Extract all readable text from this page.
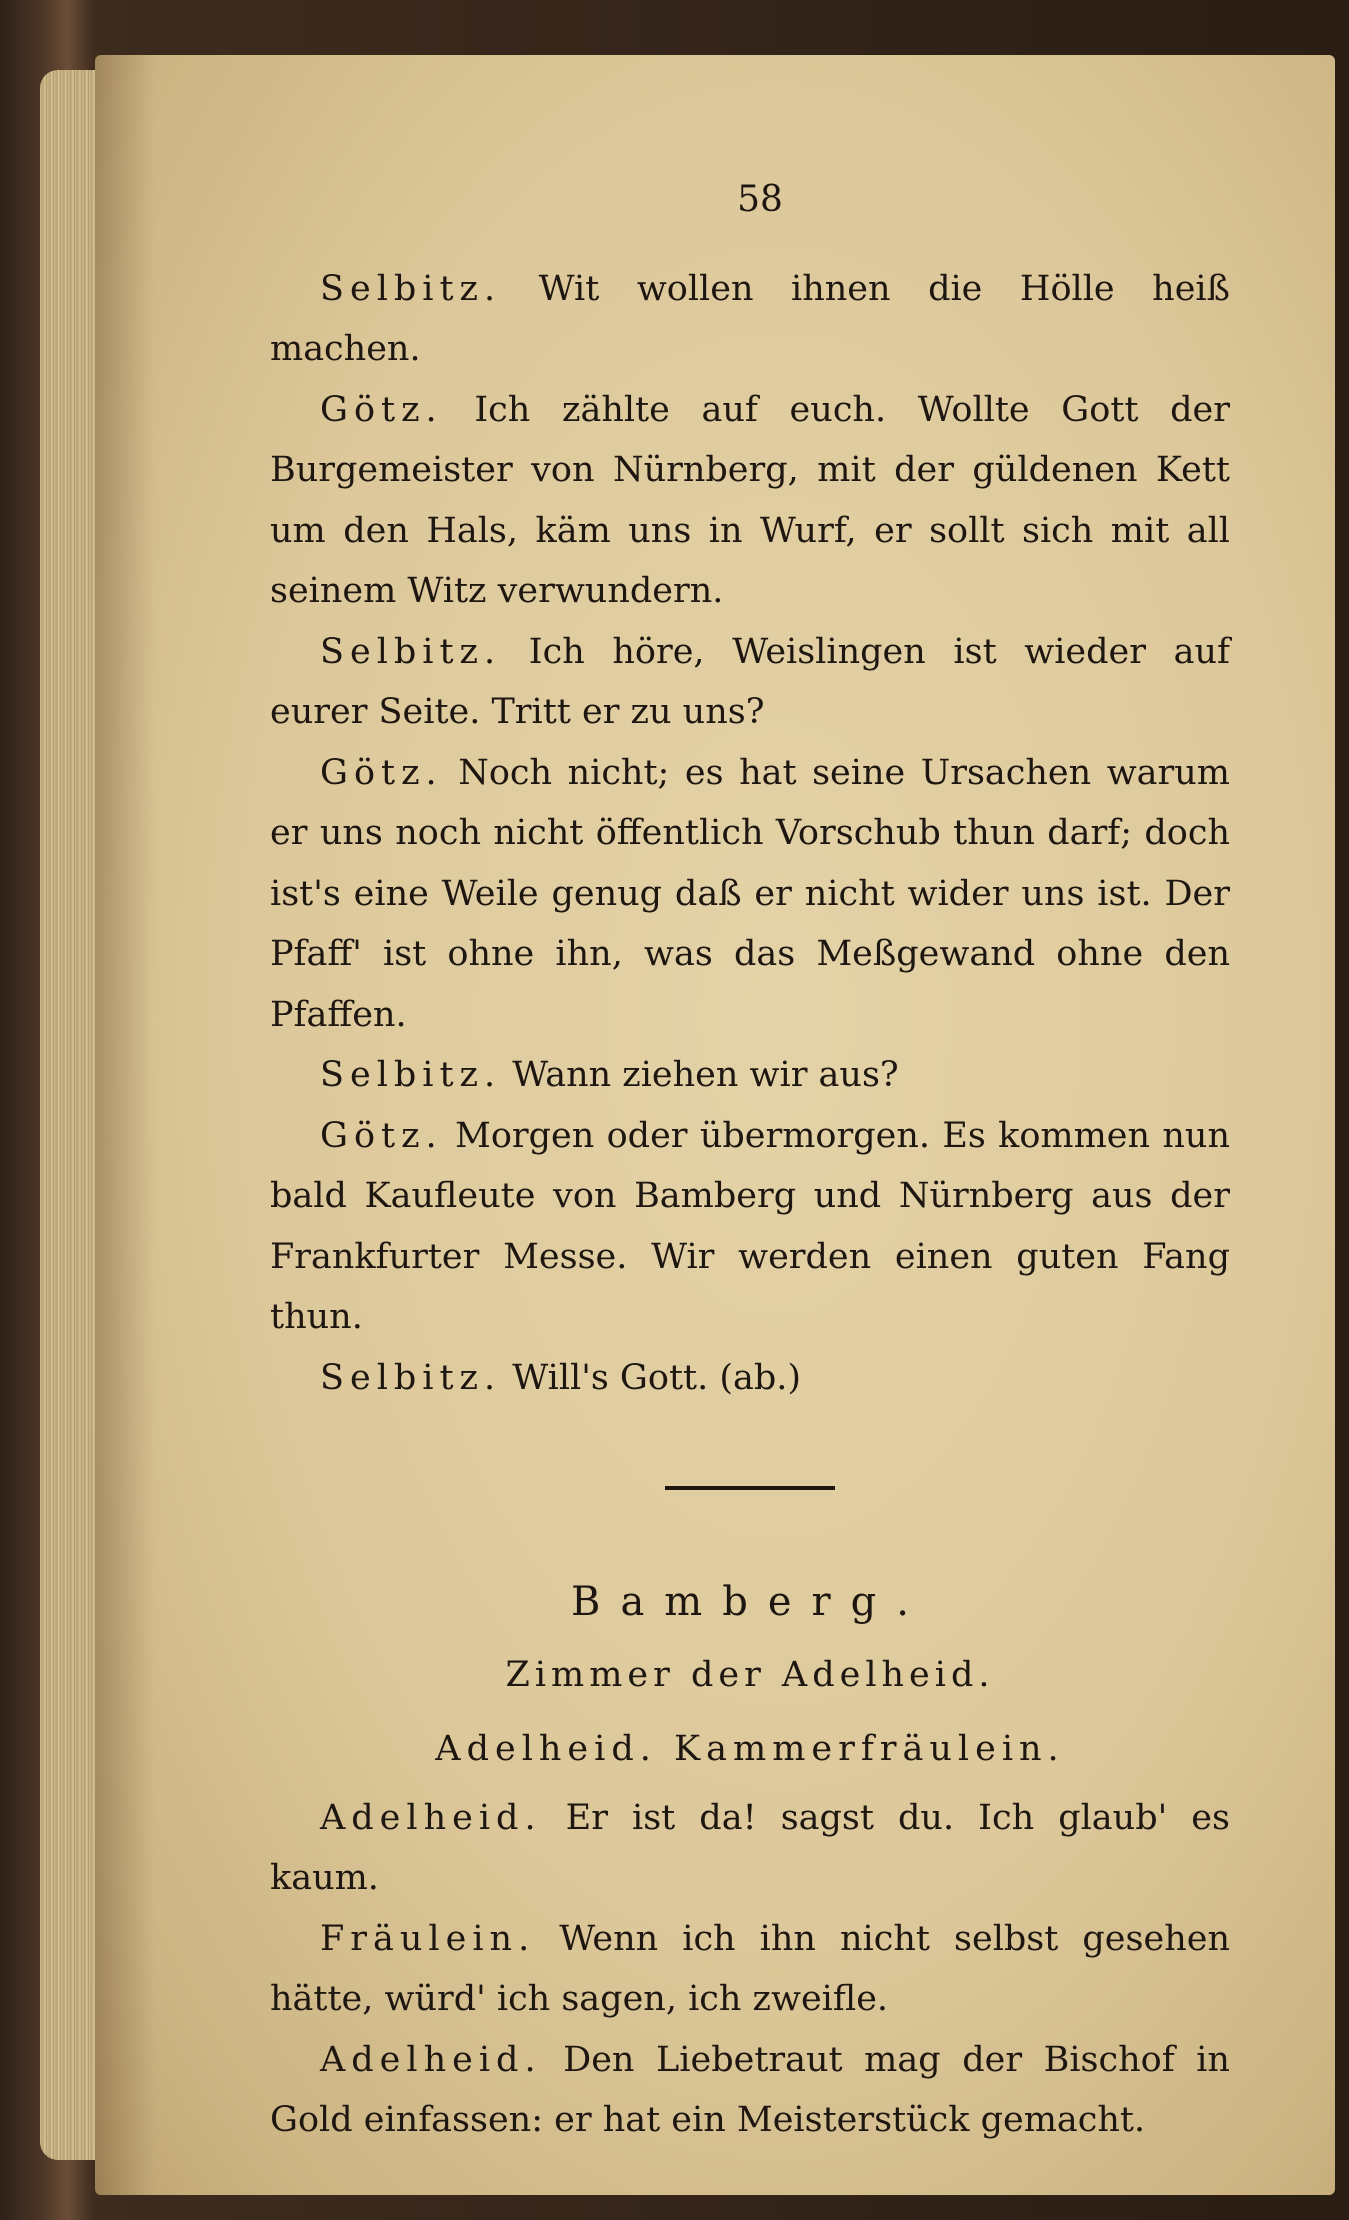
58

Selbitz. Wit wollen ihnen die Hölle heiß machen.

Götz. Ich zählte auf euch. Wollte Gott der Burgemeister von Nürnberg, mit der güldenen Kett um den Hals, käm uns in Wurf, er sollt sich mit all seinem Witz verwundern.

Selbitz. Ich höre, Weislingen ist wieder auf eurer Seite. Tritt er zu uns?

Götz. Noch nicht; es hat seine Ursachen warum er uns noch nicht öffentlich Vorschub thun darf; doch ist's eine Weile genug daß er nicht wider uns ist. Der Pfaff' ist ohne ihn, was das Meßgewand ohne den Pfaffen.

Selbitz. Wann ziehen wir aus?

Götz. Morgen oder übermorgen. Es kommen nun bald Kaufleute von Bamberg und Nürnberg aus der Frankfurter Messe. Wir werden einen guten Fang thun.

Selbitz. Will's Gott. (ab.)

Bamberg.

Zimmer der Adelheid.

Adelheid. Kammerfräulein.

Adelheid. Er ist da! sagst du. Ich glaub' es kaum.

Fräulein. Wenn ich ihn nicht selbst gesehen hätte, würd' ich sagen, ich zweifle.

Adelheid. Den Liebetraut mag der Bischof in Gold einfassen: er hat ein Meisterstück gemacht.
